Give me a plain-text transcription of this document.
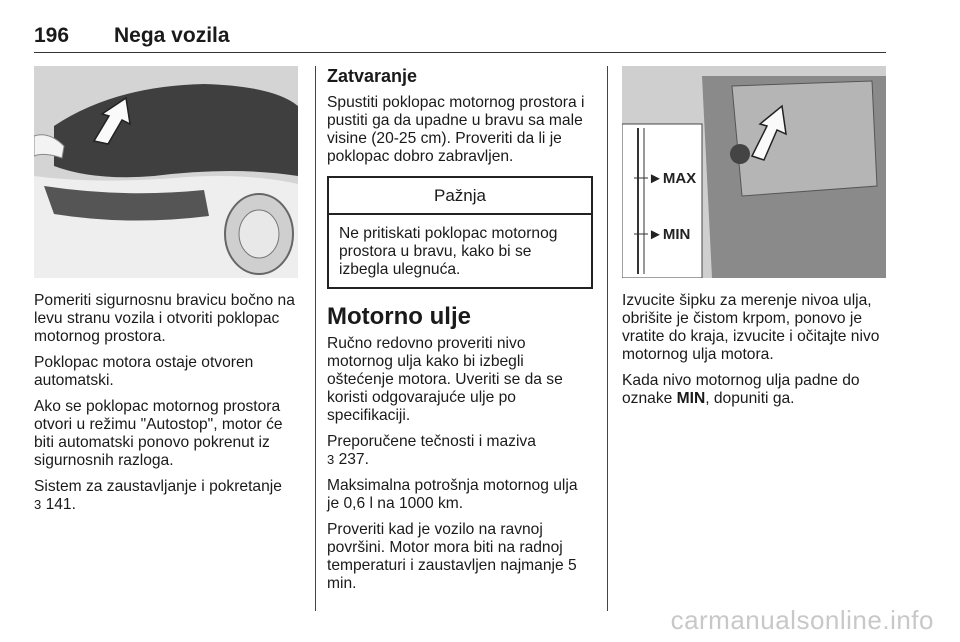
196 Nega vozila
►MAX
►MIN

Pomeriti sigurnosnu bravicu bočno na levu stranu vozila i otvoriti poklopac motornog prostora.

Poklopac motora ostaje otvoren automatski.

Ako se poklopac motornog prostora otvori u režimu "Autostop", motor će biti automatski ponovo pokrenut iz sigurnosnih razloga.

Sistem za zaustavljanje i pokretanje
3 141.

Zatvaranje

Spustiti poklopac motornog prostora i pustiti ga da upadne u bravu sa male visine (20-25 cm). Proveriti da li je poklopac dobro zabravljen.

Pažnja
Ne pritiskati poklopac motornog prostora u bravu, kako bi se izbegla ulegnuća.
Motorno ulje

Ručno redovno proveriti nivo motornog ulja kako bi izbegli oštećenje motora. Uveriti se da se koristi odgovarajuće ulje po specifikaciji.

Preporučene tečnosti i maziva
3 237.

Maksimalna potrošnja motornog ulja je 0,6 l na 1000 km.

Proveriti kad je vozilo na ravnoj površini. Motor mora biti na radnoj temperaturi i zaustavljen najmanje 5 min.

Izvucite šipku za merenje nivoa ulja, obrišite je čistom krpom, ponovo je vratite do kraja, izvucite i očitajte nivo motornog ulja motora.

Kada nivo motornog ulja padne do oznake MIN, dopuniti ga.

carmanualsonline.info
